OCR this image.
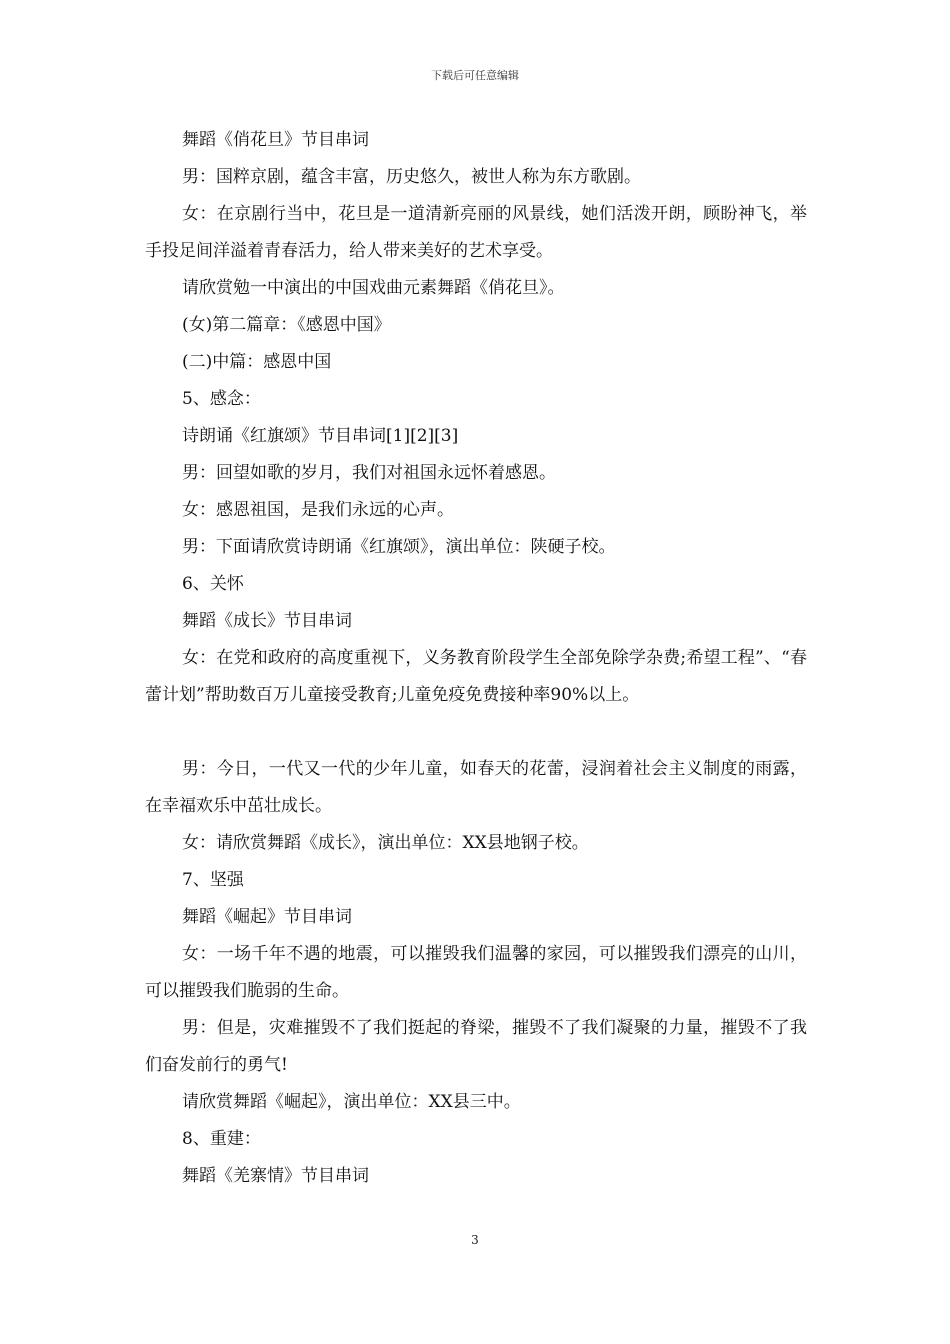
下载后可任意编辑

舞蹈《俏花旦》节目串词

男：国粹京剧，蕴含丰富，历史悠久，被世人称为东方歌剧。

女：在京剧行当中，花旦是一道清新亮丽的风景线，她们活泼开朗，顾盼神飞，举手投足间洋溢着青春活力，给人带来美好的艺术享受。

请欣赏勉一中演出的中国戏曲元素舞蹈《俏花旦》。

(女)第二篇章：《感恩中国》

(二)中篇：感恩中国

5、感念：

诗朗诵《红旗颂》节目串词[1][2][3]

男：回望如歌的岁月，我们对祖国永远怀着感恩。

女：感恩祖国，是我们永远的心声。

男：下面请欣赏诗朗诵《红旗颂》，演出单位：陕硬子校。

6、关怀

舞蹈《成长》节目串词

女：在党和政府的高度重视下，义务教育阶段学生全部免除学杂费;希望工程”、“春蕾计划”帮助数百万儿童接受教育;儿童免疫免费接种率90%以上。

男：今日，一代又一代的少年儿童，如春天的花蕾，浸润着社会主义制度的雨露，在幸福欢乐中茁壮成长。

女：请欣赏舞蹈《成长》，演出单位：XX县地钢子校。

7、坚强

舞蹈《崛起》节目串词

女：一场千年不遇的地震，可以摧毁我们温馨的家园，可以摧毁我们漂亮的山川，可以摧毁我们脆弱的生命。

男：但是，灾难摧毁不了我们挺起的脊梁，摧毁不了我们凝聚的力量，摧毁不了我们奋发前行的勇气!

请欣赏舞蹈《崛起》，演出单位：XX县三中。

8、重建：

舞蹈《羌寨情》节目串词

3
